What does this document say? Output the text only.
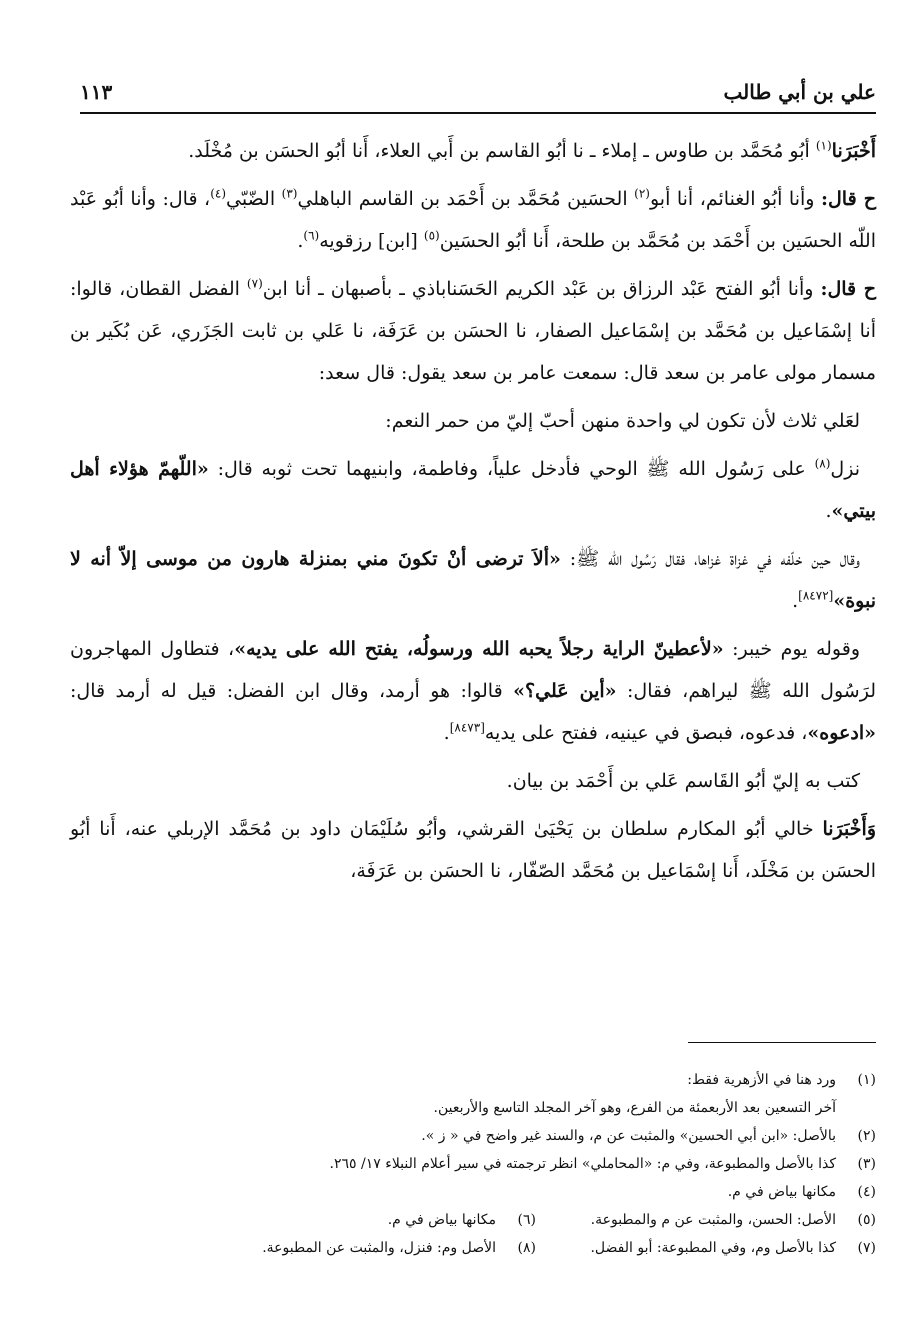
علي بن أبي طالب
١١٣

أَخْبَرَنا$^{(١)}$ أبُو مُحَمَّد بن طاوس ـ إملاء ـ نا أبُو القاسم بن أَبي العلاء، أَنا أبُو الحسَن بن مُخْلَد.

ح قال: وأنا أبُو الغنائم، أنا أبو$^{(٢)}$ الحسَين مُحَمَّد بن أَحْمَد بن القاسم الباهلي$^{(٣)}$ الضّبّي$^{(٤)}$، قال: وأنا أبُو عَبْد اللّه الحسَين بن أَحْمَد بن مُحَمَّد بن طلحة، أَنا أبُو الحسَين$^{(٥)}$ [ابن] رزقويه$^{(٦)}$.

ح قال: وأنا أبُو الفتح عَبْد الرزاق بن عَبْد الكريم الحَسَناباذي ـ بأصبهان ـ أنا ابن$^{(٧)}$ الفضل القطان، قالوا: أنا إسْمَاعيل بن مُحَمَّد بن إسْمَاعيل الصفار، نا الحسَن بن عَرَفَة، نا عَلي بن ثابت الجَزَري، عَن بُكَير بن مسمار مولى عامر بن سعد قال: سمعت عامر بن سعد يقول: قال سعد:

لعَلي ثلاث لأن تكون لي واحدة منهن أحبّ إليّ من حمر النعم:

نزل$^{(٨)}$ على رَسُول الله ﷺ الوحي فأدخل علياً، وفاطمة، وابنيهما تحت ثوبه قال: «اللّهمّ هؤلاء أهل بيتي».

وقال حين خلّفه في غزاة غزاها، فقال رَسُول الله ﷺ: «ألاَ ترضى أنْ تكونَ مني بمنزلة هارون من موسى إلاّ أنه لا نبوة»[٨٤٧٢].

وقوله يوم خيبر: «لأعطينّ الراية رجلاً يحبه الله ورسولُه، يفتح الله على يديه»، فتطاول المهاجرون لرَسُول الله ﷺ ليراهم، فقال: «أين عَلي؟» قالوا: هو أرمد، وقال ابن الفضل: قيل له أرمد قال: «ادعوه»، فدعوه، فبصق في عينيه، ففتح على يديه[٨٤٧٣].

كتب به إليّ أبُو القَاسم عَلي بن أَحْمَد بن بيان.

وَأَخْبَرَنا خالي أبُو المكارم سلطان بن يَحْيَىٰ القرشي، وأبُو سُلَيْمَان داود بن مُحَمَّد الإربلي عنه، أَنا أبُو الحسَن بن مَخْلَد، أَنا إسْمَاعيل بن مُحَمَّد الصّفّار، نا الحسَن بن عَرَفَة،

(١)
ورد هنا في الأزهرية فقط:
آخر التسعين بعد الأربعمئة من الفرع، وهو آخر المجلد التاسع والأربعين.
(٢)
بالأصل: «ابن أبي الحسين» والمثبت عن م، والسند غير واضح في « ز ».
(٣)
كذا بالأصل والمطبوعة، وفي م: «المحاملي» انظر ترجمته في سير أعلام النبلاء ١٧/ ٢٦٥.
(٤)
مكانها بياض في م.
(٥)
الأصل: الحسن، والمثبت عن م والمطبوعة.
(٦)
مكانها بياض في م.
(٧)
كذا بالأصل وم، وفي المطبوعة: أبو الفضل.
(٨)
الأصل وم: فنزل، والمثبت عن المطبوعة.
